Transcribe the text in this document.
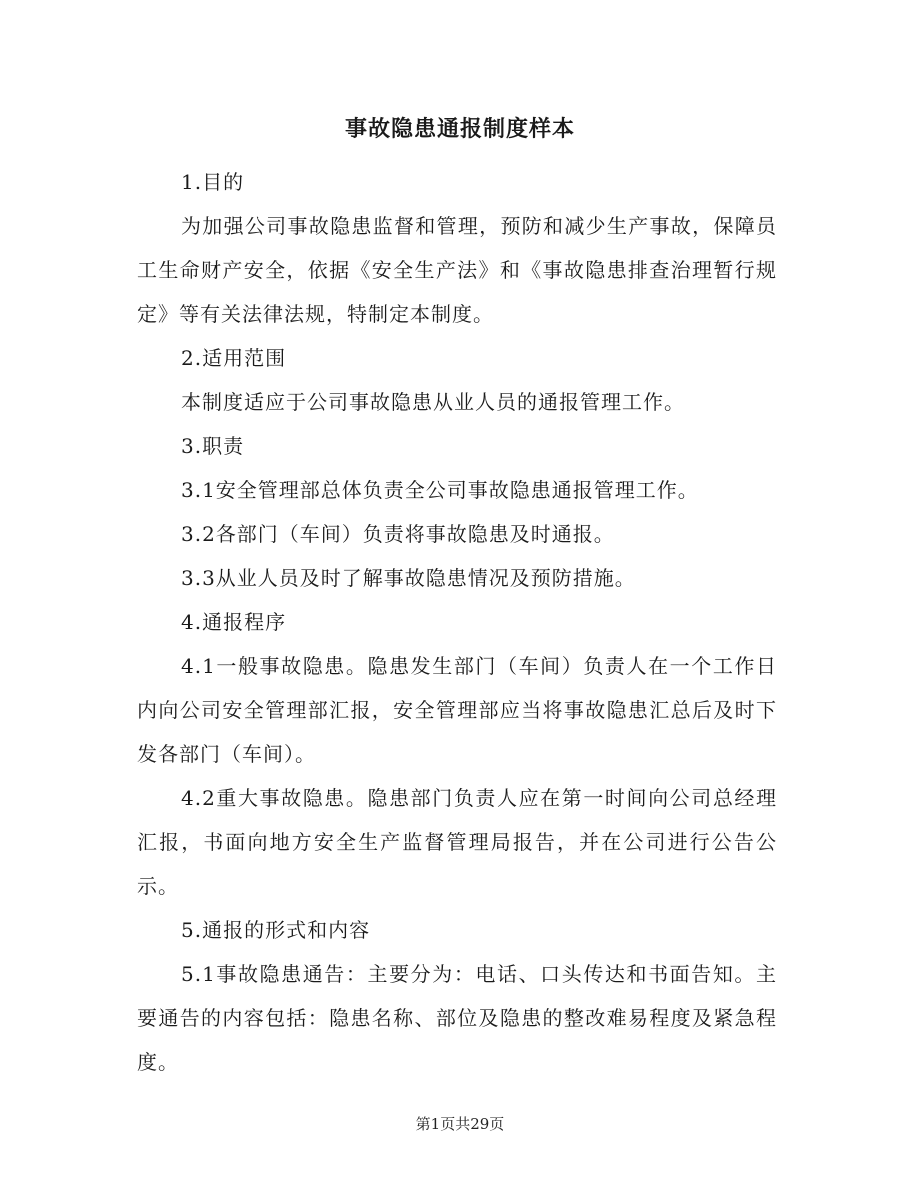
事故隐患通报制度样本

1.目的

为加强公司事故隐患监督和管理，预防和减少生产事故，保障员工生命财产安全，依据《安全生产法》和《事故隐患排查治理暂行规定》等有关法律法规，特制定本制度。

2.适用范围

本制度适应于公司事故隐患从业人员的通报管理工作。

3.职责

3.1安全管理部总体负责全公司事故隐患通报管理工作。

3.2各部门（车间）负责将事故隐患及时通报。

3.3从业人员及时了解事故隐患情况及预防措施。

4.通报程序

4.1一般事故隐患。隐患发生部门（车间）负责人在一个工作日内向公司安全管理部汇报，安全管理部应当将事故隐患汇总后及时下发各部门（车间）。

4.2重大事故隐患。隐患部门负责人应在第一时间向公司总经理汇报，书面向地方安全生产监督管理局报告，并在公司进行公告公示。

5.通报的形式和内容

5.1事故隐患通告：主要分为：电话、口头传达和书面告知。主要通告的内容包括：隐患名称、部位及隐患的整改难易程度及紧急程度。

第1页共29页
